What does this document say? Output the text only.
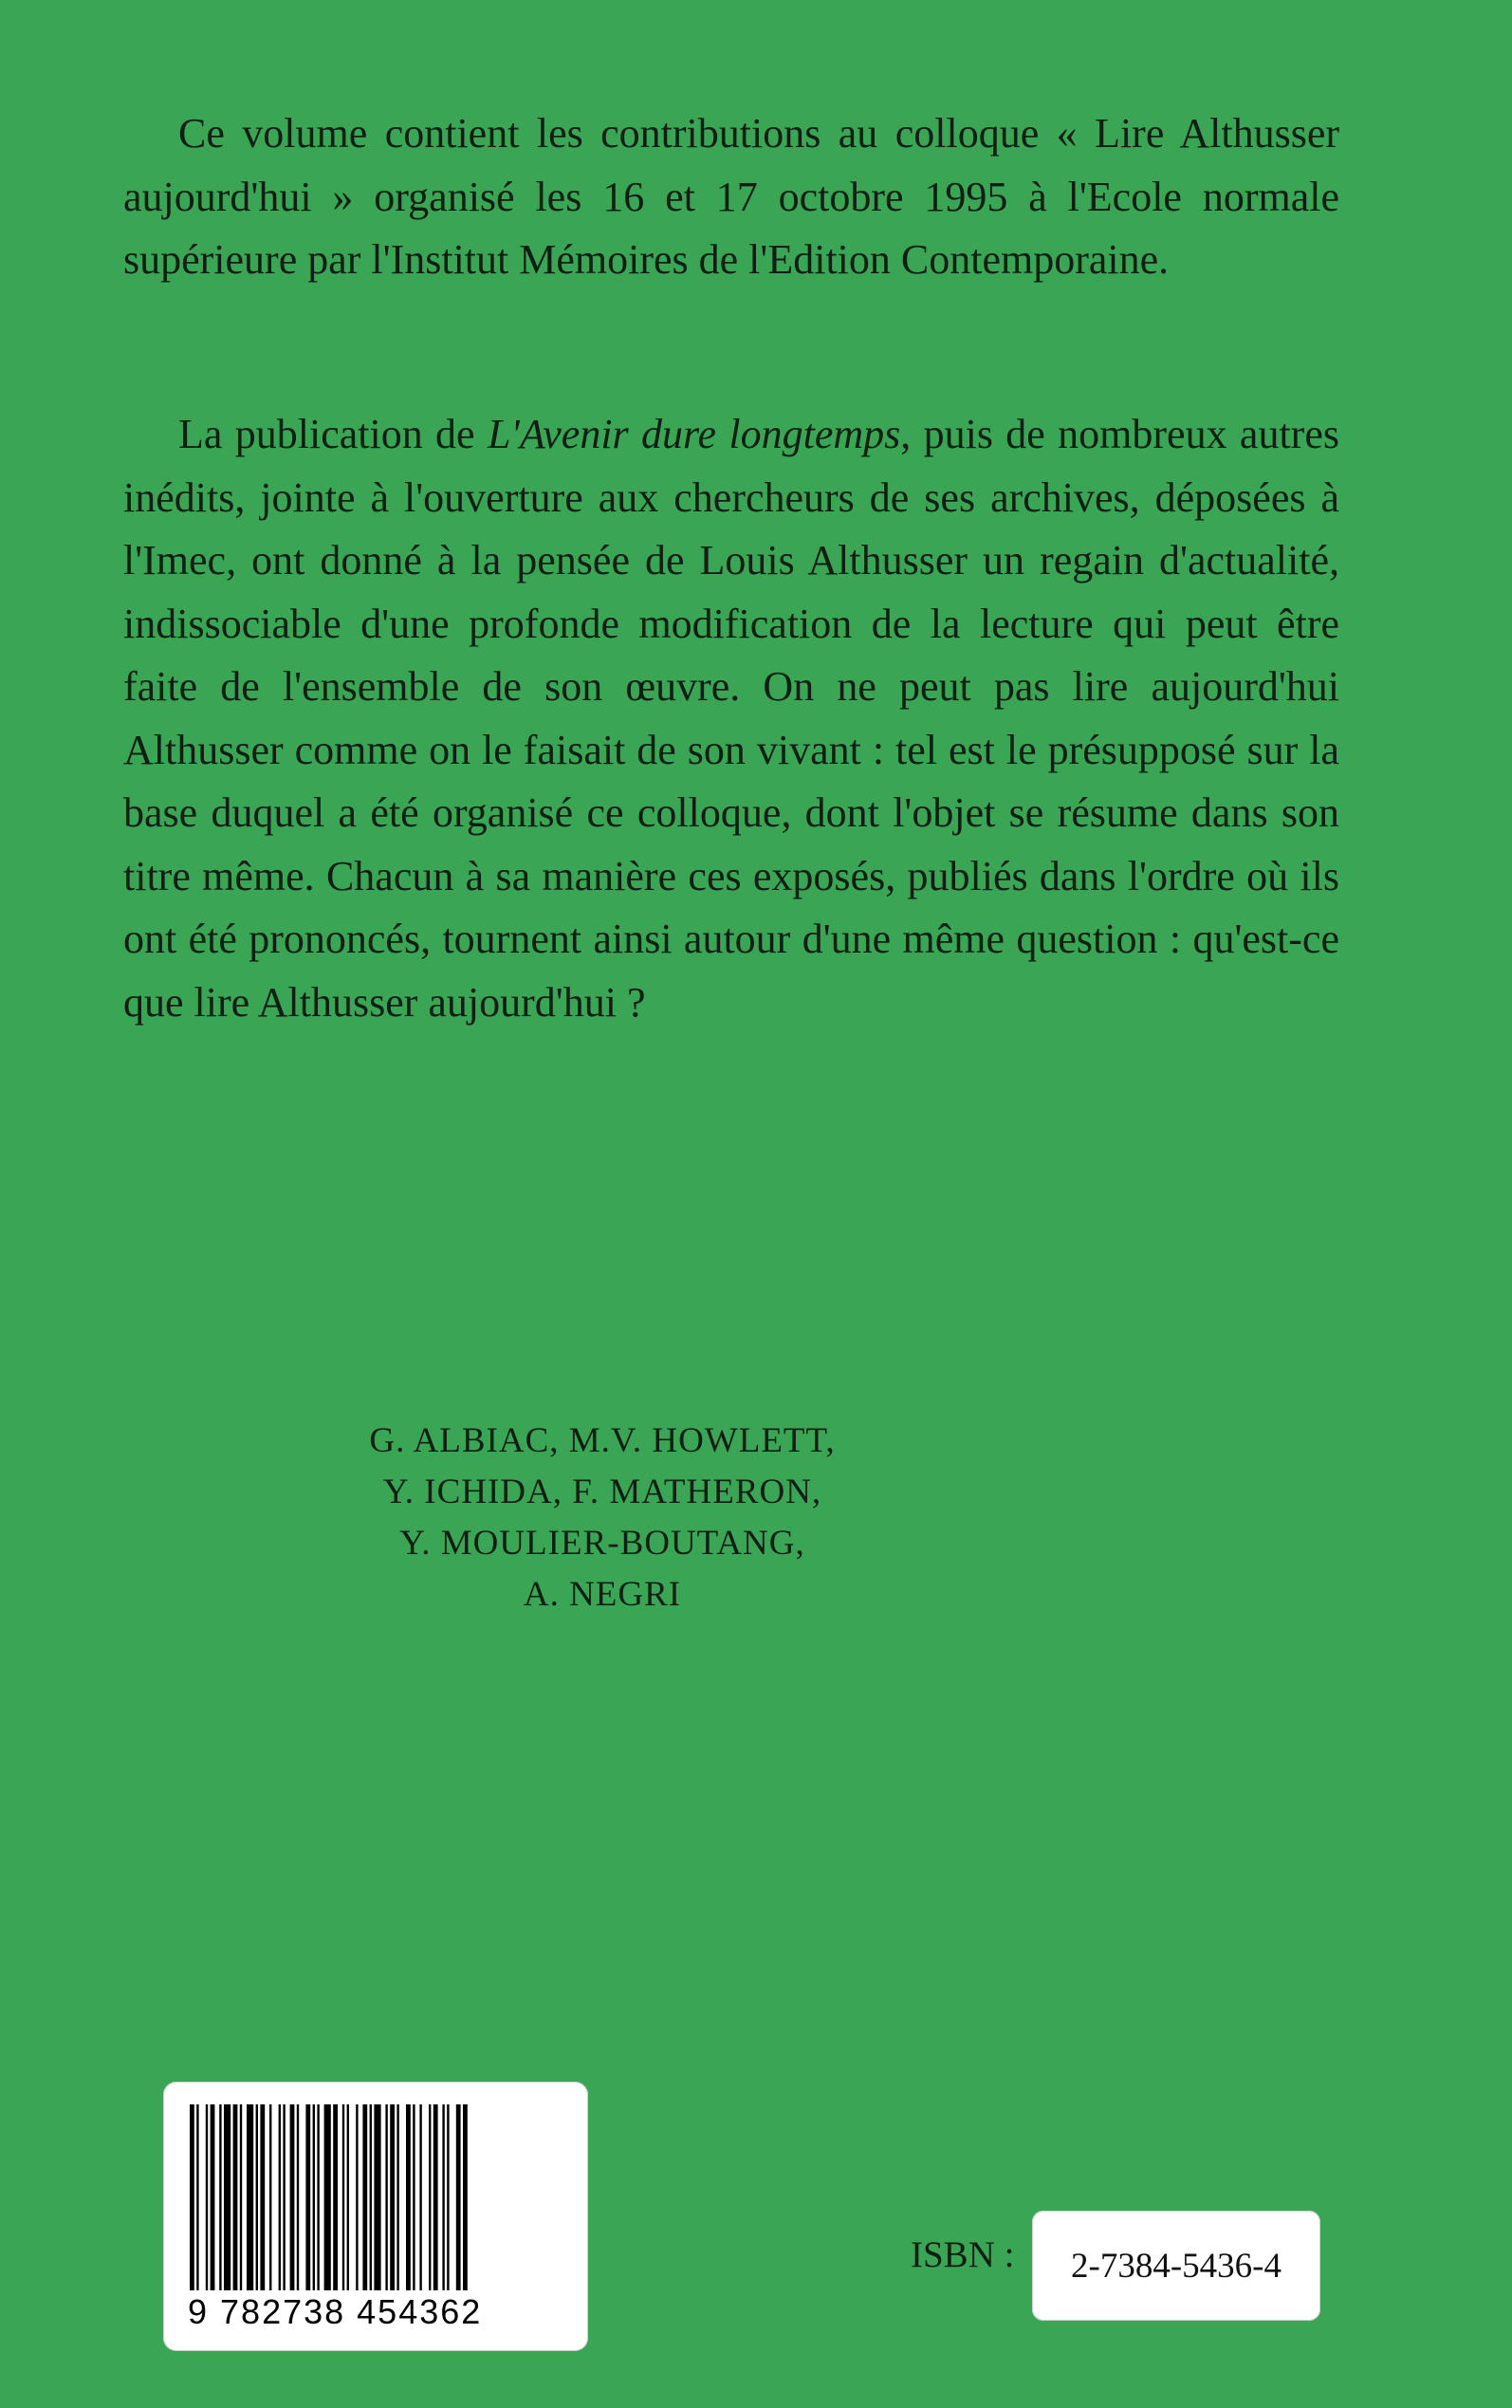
Ce volume contient les contributions au colloque « Lire Althusser aujourd'hui » organisé les 16 et 17 octobre 1995 à l'Ecole normale supérieure par l'Institut Mémoires de l'Edition Contemporaine.

La publication de L'Avenir dure longtemps, puis de nombreux autres inédits, jointe à l'ouverture aux chercheurs de ses archives, déposées à l'Imec, ont donné à la pensée de Louis Althusser un regain d'actualité, indissociable d'une profonde modification de la lecture qui peut être faite de l'ensemble de son œuvre. On ne peut pas lire aujourd'hui Althusser comme on le faisait de son vivant : tel est le présupposé sur la base duquel a été organisé ce colloque, dont l'objet se résume dans son titre même. Chacun à sa manière ces exposés, publiés dans l'ordre où ils ont été prononcés, tournent ainsi autour d'une même question : qu'est-ce que lire Althusser aujourd'hui ?

G. ALBIAC, M.V. HOWLETT,
Y. ICHIDA, F. MATHERON,
Y. MOULIER-BOUTANG,
A. NEGRI
9 782738 454362
ISBN :	2-7384-5436-4
